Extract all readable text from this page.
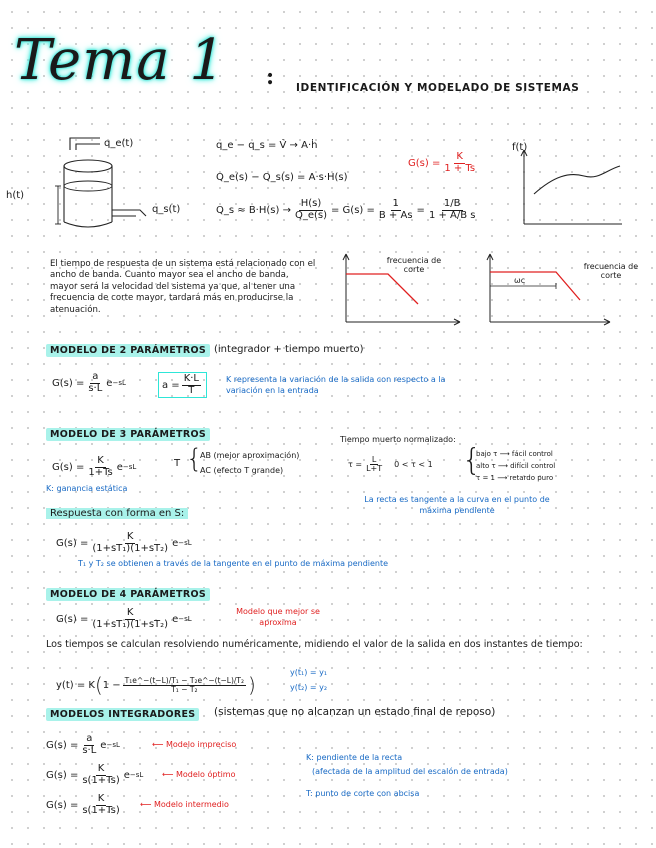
Tema 1 : IDENTIFICACIÓN Y MODELADO DE SISTEMAS
q_e(t)
h(t)
q_s(t)
q_e − q_s = V̇ → A·ḣ
Q_e(s) − Q_s(s) = A·s·H(s)
Q_s ≈ $B\cdot H(s) \to \frac{H(s)}{Q\_e(s)} = G(s) = \frac{1}{B + As} = \frac{1/B}{\text{1 + A/B s}}$
$G(s) = \frac{K}{1 + Ts}$
f(t)
El tiempo de respuesta de un sistema está relacionado con el ancho de banda. Cuanto mayor sea el ancho de banda, mayor será la velocidad del sistema ya que, al tener una frecuencia de corte mayor, tardará más en producirse la atenuación.
frecuencia de corte
ωc
frecuencia de corte
MODELO DE 2 PARÁMETROS (integrador + tiempo muerto)
$G(s) = \frac{a}{s\cdot L}$ e −sL	$a = \frac{K\cdot L}{T}$	K representa la variación de la salida con respecto a la variación en la entrada
MODELO DE 3 PARÁMETROS
$G(s) = \frac{K}{1+Ts}$ e −sL	T {
AB (mejor aproximación)
AC (efecto T grande)
K: ganancia estática
Tiempo muerto normalizado:
$\tau = \frac{L}{L+T} 0 < \tau < 1$ {
bajo τ ⟶ fácil control
alto τ ⟶ difícil control
τ = 1 ⟶ retardo puro
La recta es tangente a la curva en el punto de máxima pendiente
Respuesta con forma en S:
$G(s) = \frac{K}{\text{(1+sT₁)(1+sT₂)}}$ e −sL
T₁ y T₂ se obtienen a través de la tangente en el punto de máxima pendiente
MODELO DE 4 PARÁMETROS
$G(s) = \frac{K}{\text{(1+sT₁)(1+sT₂)}}$ e −sL
Modelo que mejor se aproxima
Los tiempos se calculan resolviendo numéricamente, midiendo el valor de la salida en dos instantes de tiempo:
y(t) = K ( $1 - \frac{\text{T₁e\textasciicircum{}−(t−L)/T₁ − T₂e\textasciicircum{}−(t−L)/T₂}}{\text{T₁ − T₂}}$ )
y(t₁) = y₁
y(t₂) = y₂
MODELOS INTEGRADORES	(sistemas que no alcanzan un estado final de reposo)
$G(s) = \frac{a}{s\cdot L}$ e −sL	⟵ Modelo impreciso
$G(s) = \frac{K}{s(1+Ts)}$ e −sL ⟵ Modelo óptimo
$G(s) = \frac{K}{s(1+Ts)}$ ⟵ Modelo intermedio
K: pendiente de la recta
(afectada de la amplitud del escalón de entrada)
T: punto de corte con abcisa
